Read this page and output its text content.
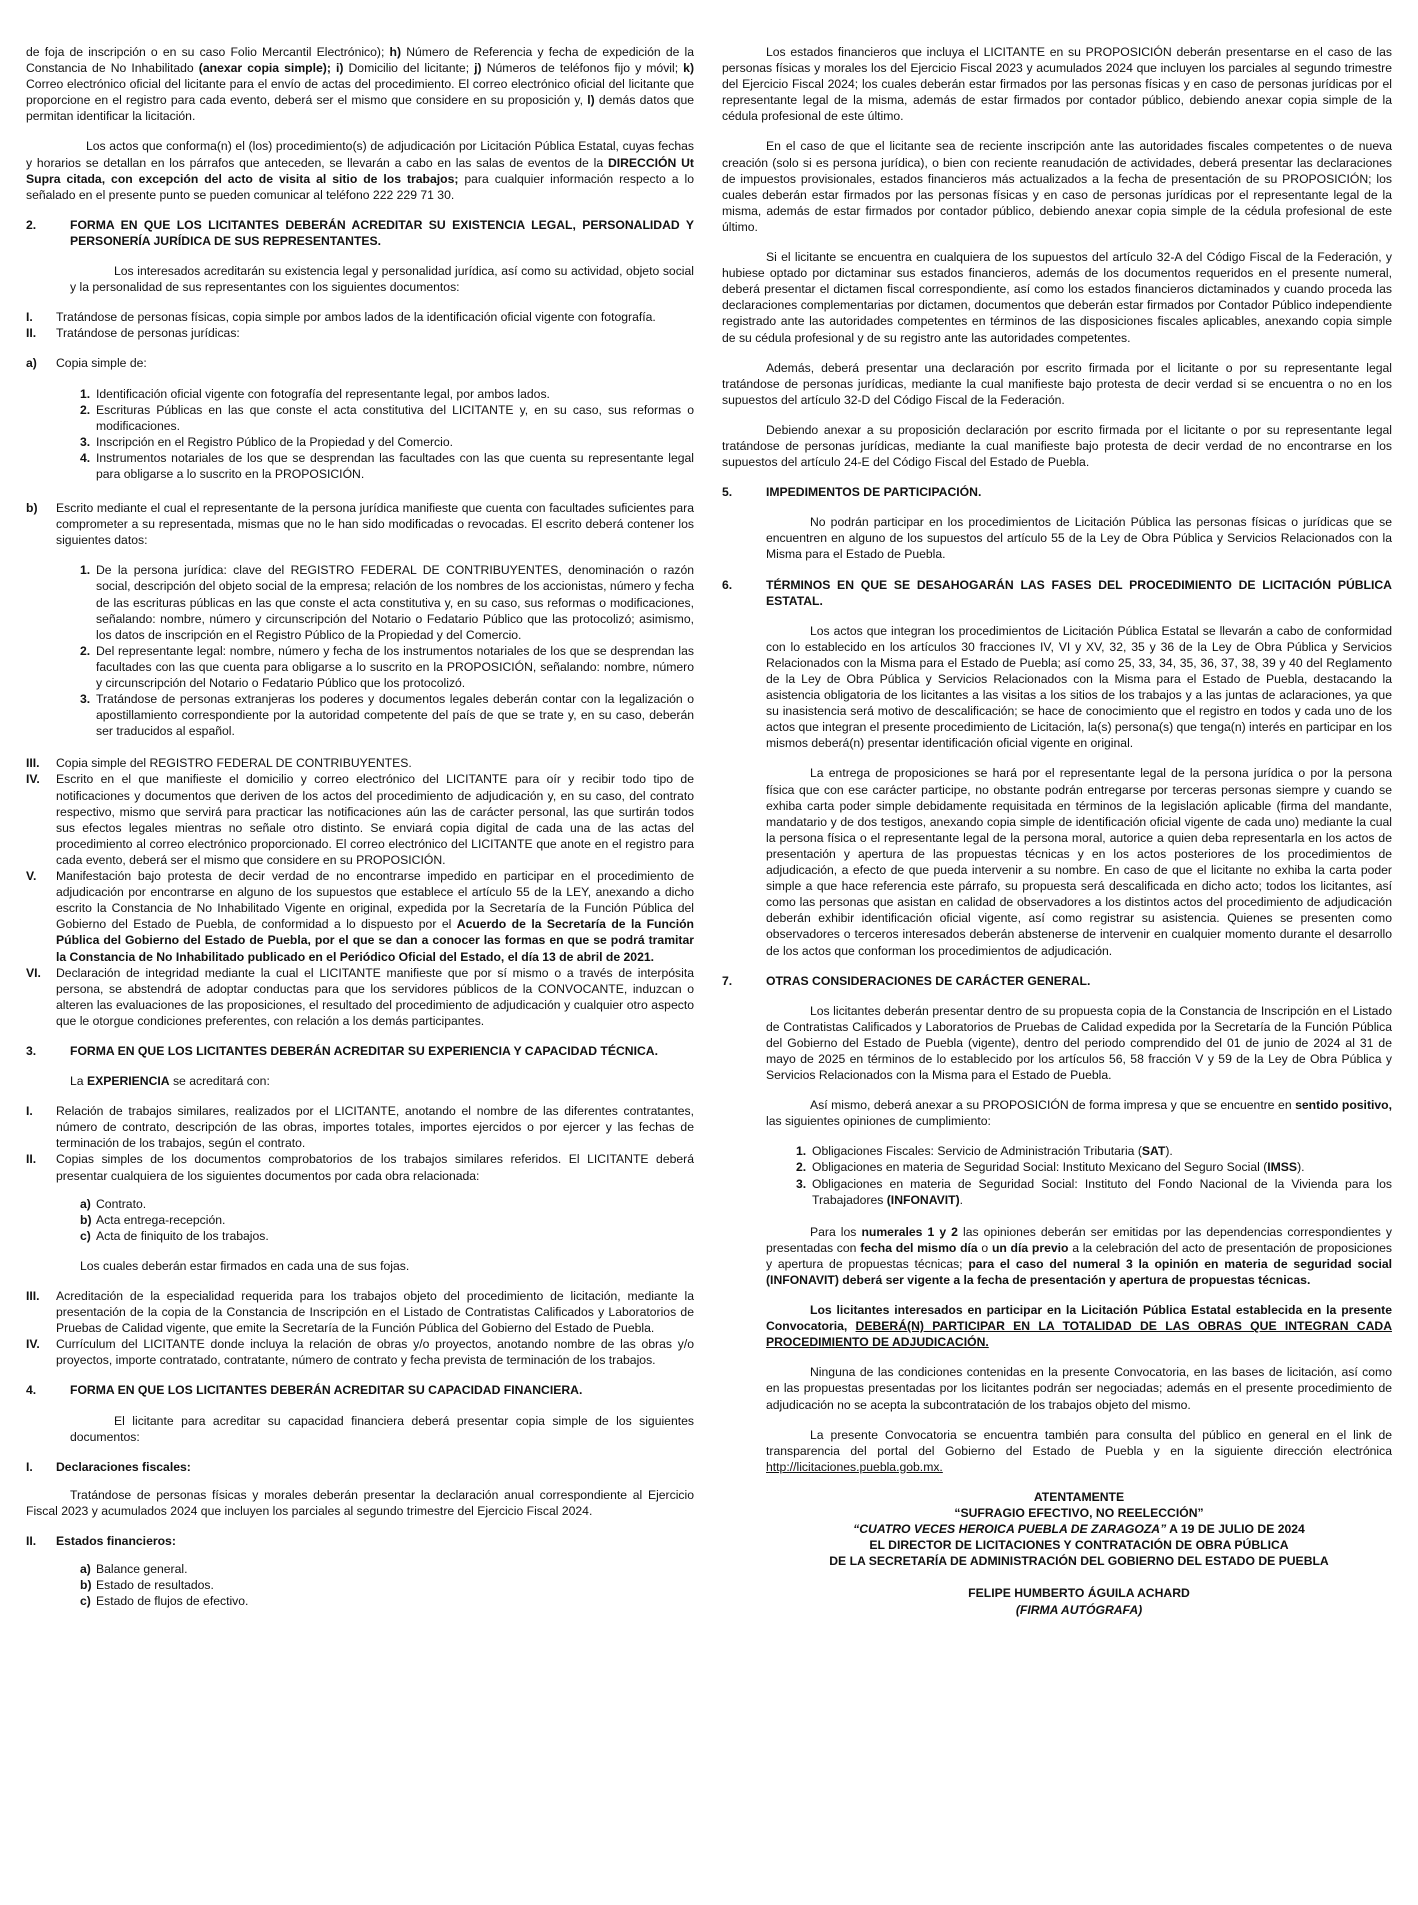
de foja de inscripción o en su caso Folio Mercantil Electrónico); h) Número de Referencia y fecha de expedición de la Constancia de No Inhabilitado (anexar copia simple); i) Domicilio del licitante; j) Números de teléfonos fijo y móvil; k) Correo electrónico oficial del licitante para el envío de actas del procedimiento. El correo electrónico oficial del licitante que proporcione en el registro para cada evento, deberá ser el mismo que considere en su proposición y, l) demás datos que permitan identificar la licitación.

Los actos que conforma(n) el (los) procedimiento(s) de adjudicación por Licitación Pública Estatal, cuyas fechas y horarios se detallan en los párrafos que anteceden, se llevarán a cabo en las salas de eventos de la DIRECCIÓN Ut Supra citada, con excepción del acto de visita al sitio de los trabajos; para cualquier información respecto a lo señalado en el presente punto se pueden comunicar al teléfono 222 229 71 30.

2.	FORMA EN QUE LOS LICITANTES DEBERÁN ACREDITAR SU EXISTENCIA LEGAL, PERSONALIDAD Y PERSONERÍA JURÍDICA DE SUS REPRESENTANTES.

Los interesados acreditarán su existencia legal y personalidad jurídica, así como su actividad, objeto social y la personalidad de sus representantes con los siguientes documentos:

I.	Tratándose de personas físicas, copia simple por ambos lados de la identificación oficial vigente con fotografía.
II.	Tratándose de personas jurídicas:
a)	Copia simple de:
1. Identificación oficial vigente con fotografía del representante legal, por ambos lados.
2. Escrituras Públicas en las que conste el acta constitutiva del LICITANTE y, en su caso, sus reformas o modificaciones.
3. Inscripción en el Registro Público de la Propiedad y del Comercio.
4. Instrumentos notariales de los que se desprendan las facultades con las que cuenta su representante legal para obligarse a lo suscrito en la PROPOSICIÓN.
b)	Escrito mediante el cual el representante de la persona jurídica manifieste que cuenta con facultades suficientes para comprometer a su representada, mismas que no le han sido modificadas o revocadas. El escrito deberá contener los siguientes datos:
1. De la persona jurídica: clave del REGISTRO FEDERAL DE CONTRIBUYENTES, denominación o razón social, descripción del objeto social de la empresa; relación de los nombres de los accionistas, número y fecha de las escrituras públicas en las que conste el acta constitutiva y, en su caso, sus reformas o modificaciones, señalando: nombre, número y circunscripción del Notario o Fedatario Público que las protocolizó; asimismo, los datos de inscripción en el Registro Público de la Propiedad y del Comercio.
2. Del representante legal: nombre, número y fecha de los instrumentos notariales de los que se desprendan las facultades con las que cuenta para obligarse a lo suscrito en la PROPOSICIÓN, señalando: nombre, número y circunscripción del Notario o Fedatario Público que los protocolizó.
3. Tratándose de personas extranjeras los poderes y documentos legales deberán contar con la legalización o apostillamiento correspondiente por la autoridad competente del país de que se trate y, en su caso, deberán ser traducidos al español.
III.	Copia simple del REGISTRO FEDERAL DE CONTRIBUYENTES.
IV.	Escrito en el que manifieste el domicilio y correo electrónico del LICITANTE para oír y recibir todo tipo de notificaciones y documentos que deriven de los actos del procedimiento de adjudicación y, en su caso, del contrato respectivo, mismo que servirá para practicar las notificaciones aún las de carácter personal, las que surtirán todos sus efectos legales mientras no señale otro distinto. Se enviará copia digital de cada una de las actas del procedimiento al correo electrónico proporcionado. El correo electrónico del LICITANTE que anote en el registro para cada evento, deberá ser el mismo que considere en su PROPOSICIÓN.
V.	Manifestación bajo protesta de decir verdad de no encontrarse impedido en participar en el procedimiento de adjudicación por encontrarse en alguno de los supuestos que establece el artículo 55 de la LEY, anexando a dicho escrito la Constancia de No Inhabilitado Vigente en original, expedida por la Secretaría de la Función Pública del Gobierno del Estado de Puebla, de conformidad a lo dispuesto por el Acuerdo de la Secretaría de la Función Pública del Gobierno del Estado de Puebla, por el que se dan a conocer las formas en que se podrá tramitar la Constancia de No Inhabilitado publicado en el Periódico Oficial del Estado, el día 13 de abril de 2021.
VI.	Declaración de integridad mediante la cual el LICITANTE manifieste que por sí mismo o a través de interpósita persona, se abstendrá de adoptar conductas para que los servidores públicos de la CONVOCANTE, induzcan o alteren las evaluaciones de las proposiciones, el resultado del procedimiento de adjudicación y cualquier otro aspecto que le otorgue condiciones preferentes, con relación a los demás participantes.
3.	FORMA EN QUE LOS LICITANTES DEBERÁN ACREDITAR SU EXPERIENCIA Y CAPACIDAD TÉCNICA.

La EXPERIENCIA se acreditará con:

I.	Relación de trabajos similares, realizados por el LICITANTE, anotando el nombre de las diferentes contratantes, número de contrato, descripción de las obras, importes totales, importes ejercidos o por ejercer y las fechas de terminación de los trabajos, según el contrato.
II.	Copias simples de los documentos comprobatorios de los trabajos similares referidos. El LICITANTE deberá presentar cualquiera de los siguientes documentos por cada obra relacionada:
a) Contrato.
b) Acta entrega-recepción.
c) Acta de finiquito de los trabajos.

Los cuales deberán estar firmados en cada una de sus fojas.

III.	Acreditación de la especialidad requerida para los trabajos objeto del procedimiento de licitación, mediante la presentación de la copia de la Constancia de Inscripción en el Listado de Contratistas Calificados y Laboratorios de Pruebas de Calidad vigente, que emite la Secretaría de la Función Pública del Gobierno del Estado de Puebla.
IV.	Currículum del LICITANTE donde incluya la relación de obras y/o proyectos, anotando nombre de las obras y/o proyectos, importe contratado, contratante, número de contrato y fecha prevista de terminación de los trabajos.
4.	FORMA EN QUE LOS LICITANTES DEBERÁN ACREDITAR SU CAPACIDAD FINANCIERA.

El licitante para acreditar su capacidad financiera deberá presentar copia simple de los siguientes documentos:

I.	Declaraciones fiscales:

Tratándose de personas físicas y morales deberán presentar la declaración anual correspondiente al Ejercicio Fiscal 2023 y acumulados 2024 que incluyen los parciales al segundo trimestre del Ejercicio Fiscal 2024.

II.	Estados financieros:
a) Balance general.
b) Estado de resultados.
c) Estado de flujos de efectivo.

Los estados financieros que incluya el LICITANTE en su PROPOSICIÓN deberán presentarse en el caso de las personas físicas y morales los del Ejercicio Fiscal 2023 y acumulados 2024 que incluyen los parciales al segundo trimestre del Ejercicio Fiscal 2024; los cuales deberán estar firmados por las personas físicas y en caso de personas jurídicas por el representante legal de la misma, además de estar firmados por contador público, debiendo anexar copia simple de la cédula profesional de este último.

En el caso de que el licitante sea de reciente inscripción ante las autoridades fiscales competentes o de nueva creación (solo si es persona jurídica), o bien con reciente reanudación de actividades, deberá presentar las declaraciones de impuestos provisionales, estados financieros más actualizados a la fecha de presentación de su PROPOSICIÓN; los cuales deberán estar firmados por las personas físicas y en caso de personas jurídicas por el representante legal de la misma, además de estar firmados por contador público, debiendo anexar copia simple de la cédula profesional de este último.

Si el licitante se encuentra en cualquiera de los supuestos del artículo 32-A del Código Fiscal de la Federación, y hubiese optado por dictaminar sus estados financieros, además de los documentos requeridos en el presente numeral, deberá presentar el dictamen fiscal correspondiente, así como los estados financieros dictaminados y cuando proceda las declaraciones complementarias por dictamen, documentos que deberán estar firmados por Contador Público independiente registrado ante las autoridades competentes en términos de las disposiciones fiscales aplicables, anexando copia simple de su cédula profesional y de su registro ante las autoridades competentes.

Además, deberá presentar una declaración por escrito firmada por el licitante o por su representante legal tratándose de personas jurídicas, mediante la cual manifieste bajo protesta de decir verdad si se encuentra o no en los supuestos del artículo 32-D del Código Fiscal de la Federación.

Debiendo anexar a su proposición declaración por escrito firmada por el licitante o por su representante legal tratándose de personas jurídicas, mediante la cual manifieste bajo protesta de decir verdad de no encontrarse en los supuestos del artículo 24-E del Código Fiscal del Estado de Puebla.

5.	IMPEDIMENTOS DE PARTICIPACIÓN.

No podrán participar en los procedimientos de Licitación Pública las personas físicas o jurídicas que se encuentren en alguno de los supuestos del artículo 55 de la Ley de Obra Pública y Servicios Relacionados con la Misma para el Estado de Puebla.

6.	TÉRMINOS EN QUE SE DESAHOGARÁN LAS FASES DEL PROCEDIMIENTO DE LICITACIÓN PÚBLICA ESTATAL.

Los actos que integran los procedimientos de Licitación Pública Estatal se llevarán a cabo de conformidad con lo establecido en los artículos 30 fracciones IV, VI y XV, 32, 35 y 36 de la Ley de Obra Pública y Servicios Relacionados con la Misma para el Estado de Puebla; así como 25, 33, 34, 35, 36, 37, 38, 39 y 40 del Reglamento de la Ley de Obra Pública y Servicios Relacionados con la Misma para el Estado de Puebla, destacando la asistencia obligatoria de los licitantes a las visitas a los sitios de los trabajos y a las juntas de aclaraciones, ya que su inasistencia será motivo de descalificación; se hace de conocimiento que el registro en todos y cada uno de los actos que integran el presente procedimiento de Licitación, la(s) persona(s) que tenga(n) interés en participar en los mismos deberá(n) presentar identificación oficial vigente en original.

La entrega de proposiciones se hará por el representante legal de la persona jurídica o por la persona física que con ese carácter participe, no obstante podrán entregarse por terceras personas siempre y cuando se exhiba carta poder simple debidamente requisitada en términos de la legislación aplicable (firma del mandante, mandatario y de dos testigos, anexando copia simple de identificación oficial vigente de cada uno) mediante la cual la persona física o el representante legal de la persona moral, autorice a quien deba representarla en los actos de presentación y apertura de las propuestas técnicas y en los actos posteriores de los procedimientos de adjudicación, a efecto de que pueda intervenir a su nombre. En caso de que el licitante no exhiba la carta poder simple a que hace referencia este párrafo, su propuesta será descalificada en dicho acto; todos los licitantes, así como las personas que asistan en calidad de observadores a los distintos actos del procedimiento de adjudicación deberán exhibir identificación oficial vigente, así como registrar su asistencia. Quienes se presenten como observadores o terceros interesados deberán abstenerse de intervenir en cualquier momento durante el desarrollo de los actos que conforman los procedimientos de adjudicación.

7.	OTRAS CONSIDERACIONES DE CARÁCTER GENERAL.

Los licitantes deberán presentar dentro de su propuesta copia de la Constancia de Inscripción en el Listado de Contratistas Calificados y Laboratorios de Pruebas de Calidad expedida por la Secretaría de la Función Pública del Gobierno del Estado de Puebla (vigente), dentro del periodo comprendido del 01 de junio de 2024 al 31 de mayo de 2025 en términos de lo establecido por los artículos 56, 58 fracción V y 59 de la Ley de Obra Pública y Servicios Relacionados con la Misma para el Estado de Puebla.

Así mismo, deberá anexar a su PROPOSICIÓN de forma impresa y que se encuentre en sentido positivo, las siguientes opiniones de cumplimiento:

1. Obligaciones Fiscales: Servicio de Administración Tributaria (SAT).
2. Obligaciones en materia de Seguridad Social: Instituto Mexicano del Seguro Social (IMSS).
3. Obligaciones en materia de Seguridad Social: Instituto del Fondo Nacional de la Vivienda para los Trabajadores (INFONAVIT).

Para los numerales 1 y 2 las opiniones deberán ser emitidas por las dependencias correspondientes y presentadas con fecha del mismo día o un día previo a la celebración del acto de presentación de proposiciones y apertura de propuestas técnicas; para el caso del numeral 3 la opinión en materia de seguridad social (INFONAVIT) deberá ser vigente a la fecha de presentación y apertura de propuestas técnicas.

Los licitantes interesados en participar en la Licitación Pública Estatal establecida en la presente Convocatoria, DEBERÁ(N) PARTICIPAR EN LA TOTALIDAD DE LAS OBRAS QUE INTEGRAN CADA PROCEDIMIENTO DE ADJUDICACIÓN.

Ninguna de las condiciones contenidas en la presente Convocatoria, en las bases de licitación, así como en las propuestas presentadas por los licitantes podrán ser negociadas; además en el presente procedimiento de adjudicación no se acepta la subcontratación de los trabajos objeto del mismo.

La presente Convocatoria se encuentra también para consulta del público en general en el link de transparencia del portal del Gobierno del Estado de Puebla y en la siguiente dirección electrónica http://licitaciones.puebla.gob.mx.

ATENTAMENTE
“SUFRAGIO EFECTIVO, NO REELECCIÓN”
“CUATRO VECES HEROICA PUEBLA DE ZARAGOZA” A 19 DE JULIO DE 2024
EL DIRECTOR DE LICITACIONES Y CONTRATACIÓN DE OBRA PÚBLICA
DE LA SECRETARÍA DE ADMINISTRACIÓN DEL GOBIERNO DEL ESTADO DE PUEBLA
FELIPE HUMBERTO ÁGUILA ACHARD
(FIRMA AUTÓGRAFA)
